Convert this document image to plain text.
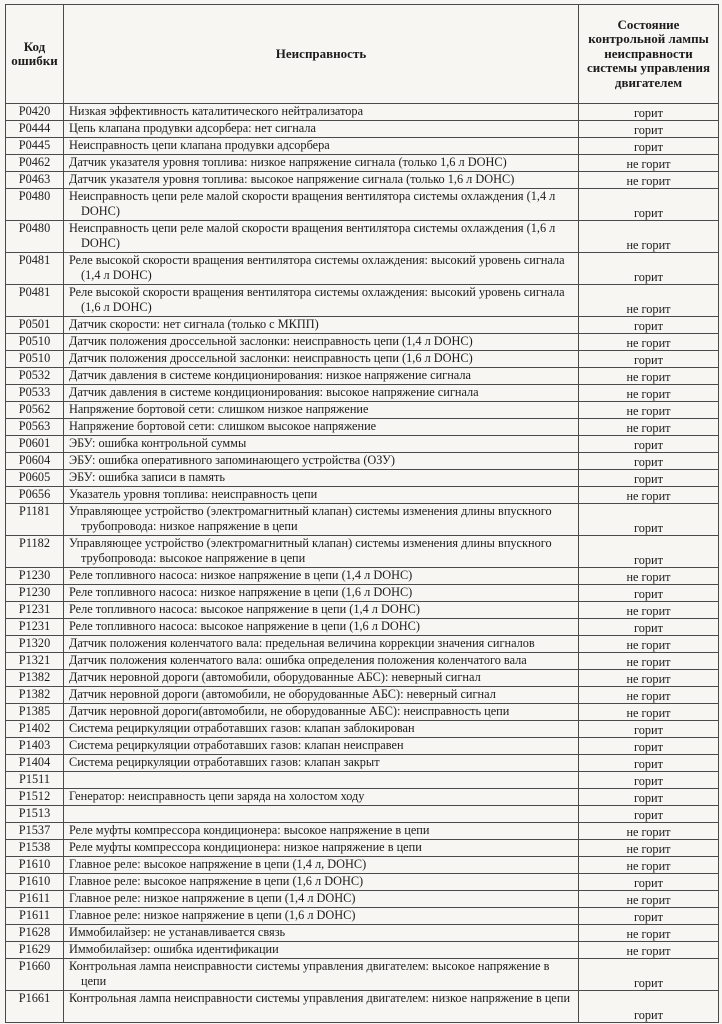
Код ошибки	Неисправность	Состояние контрольной лампы неисправности системы управления двигателем
P0420	Низкая эффективность каталитического нейтрализатора	горит
P0444	Цепь клапана продувки адсорбера: нет сигнала	горит
P0445	Неисправность цепи клапана продувки адсорбера	горит
P0462	Датчик указателя уровня топлива: низкое напряжение сигнала (только 1,6 л DOHC)	не горит
P0463	Датчик указателя уровня топлива: высокое напряжение сигнала (только 1,6 л DOHC)	не горит
P0480	Неисправность цепи реле малой скорости вращения вентилятора системы охлаждения (1,4 л DOHC)	горит
P0480	Неисправность цепи реле малой скорости вращения вентилятора системы охлаждения (1,6 л DOHC)	не горит
P0481	Реле высокой скорости вращения вентилятора системы охлаждения: высокий уровень сигнала (1,4 л DOHC)	горит
P0481	Реле высокой скорости вращения вентилятора системы охлаждения: высокий уровень сигнала (1,6 л DOHC)	не горит
P0501	Датчик скорости: нет сигнала (только с МКПП)	горит
P0510	Датчик положения дроссельной заслонки: неисправность цепи (1,4 л DOHC)	не горит
P0510	Датчик положения дроссельной заслонки: неисправность цепи (1,6 л DOHC)	горит
P0532	Датчик давления в системе кондиционирования: низкое напряжение сигнала	не горит
P0533	Датчик давления в системе кондиционирования: высокое напряжение сигнала	не горит
P0562	Напряжение бортовой сети: слишком низкое напряжение	не горит
P0563	Напряжение бортовой сети: слишком высокое напряжение	не горит
P0601	ЭБУ: ошибка контрольной суммы	горит
P0604	ЭБУ: ошибка оперативного запоминающего устройства (ОЗУ)	горит
P0605	ЭБУ: ошибка записи в память	горит
P0656	Указатель уровня топлива: неисправность цепи	не горит
P1181	Управляющее устройство (электромагнитный клапан) системы изменения длины впускного трубопровода: низкое напряжение в цепи	горит
P1182	Управляющее устройство (электромагнитный клапан) системы изменения длины впускного трубопровода: высокое напряжение в цепи	горит
P1230	Реле топливного насоса: низкое напряжение в цепи (1,4 л DOHC)	не горит
P1230	Реле топливного насоса: низкое напряжение в цепи (1,6 л DOHC)	горит
P1231	Реле топливного насоса: высокое напряжение в цепи (1,4 л DOHC)	не горит
P1231	Реле топливного насоса: высокое напряжение в цепи (1,6 л DOHC)	горит
P1320	Датчик положения коленчатого вала: предельная величина коррекции значения сигналов	не горит
P1321	Датчик положения коленчатого вала: ошибка определения положения коленчатого вала	не горит
P1382	Датчик неровной дороги (автомобили, оборудованные АБС): неверный сигнал	не горит
P1382	Датчик неровной дороги (автомобили, не оборудованные АБС): неверный сигнал	не горит
P1385	Датчик неровной дороги(автомобили, не оборудованные АБС): неисправность цепи	не горит
P1402	Система рециркуляции отработавших газов: клапан заблокирован	горит
P1403	Система рециркуляции отработавших газов: клапан неисправен	горит
P1404	Система рециркуляции отработавших газов: клапан закрыт	горит
P1511		горит
P1512	Генератор: неисправность цепи заряда на холостом ходу	горит
P1513		горит
P1537	Реле муфты компрессора кондиционера: высокое напряжение в цепи	не горит
P1538	Реле муфты компрессора кондиционера: низкое напряжение в цепи	не горит
P1610	Главное реле: высокое напряжение в цепи (1,4 л, DOHC)	не горит
P1610	Главное реле: высокое напряжение в цепи (1,6 л DOHC)	горит
P1611	Главное реле: низкое напряжение в цепи (1,4 л DOHC)	не горит
P1611	Главное реле: низкое напряжение в цепи (1,6 л DOHC)	горит
P1628	Иммобилайзер: не устанавливается связь	не горит
P1629	Иммобилайзер: ошибка идентификации	не горит
P1660	Контрольная лампа неисправности системы управления двигателем: высокое напряжение в цепи	горит
P1661	Контрольная лампа неисправности системы управления двигателем: низкое напряжение в цепи	горит
